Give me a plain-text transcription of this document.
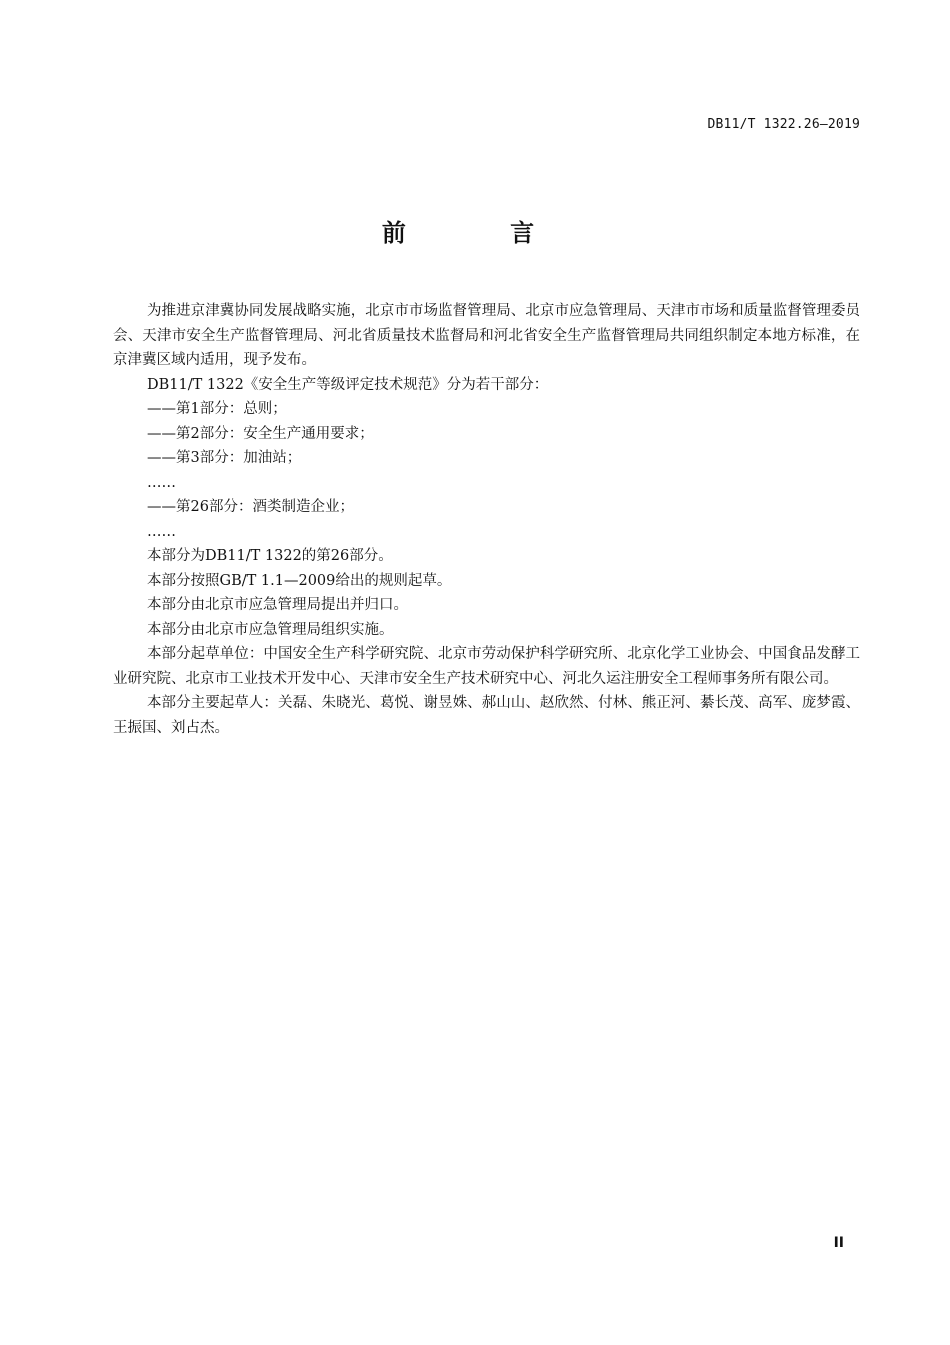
DB11/T 1322.26—2019
前 言

为推进京津冀协同发展战略实施，北京市市场监督管理局、北京市应急管理局、天津市市场和质量监督管理委员会、天津市安全生产监督管理局、河北省质量技术监督局和河北省安全生产监督管理局共同组织制定本地方标准，在京津冀区域内适用，现予发布。

DB11/T 1322《安全生产等级评定技术规范》分为若干部分：

——第1部分：总则；

——第2部分：安全生产通用要求；

——第3部分：加油站；

……

——第26部分：酒类制造企业；

……

本部分为DB11/T 1322的第26部分。

本部分按照GB/T 1.1—2009给出的规则起草。

本部分由北京市应急管理局提出并归口。

本部分由北京市应急管理局组织实施。

本部分起草单位：中国安全生产科学研究院、北京市劳动保护科学研究所、北京化学工业协会、中国食品发酵工业研究院、北京市工业技术开发中心、天津市安全生产技术研究中心、河北久运注册安全工程师事务所有限公司。

本部分主要起草人：关磊、朱晓光、葛悦、谢昱姝、郝山山、赵欣然、付林、熊正河、綦长茂、高军、庞梦霞、王振国、刘占杰。

II
